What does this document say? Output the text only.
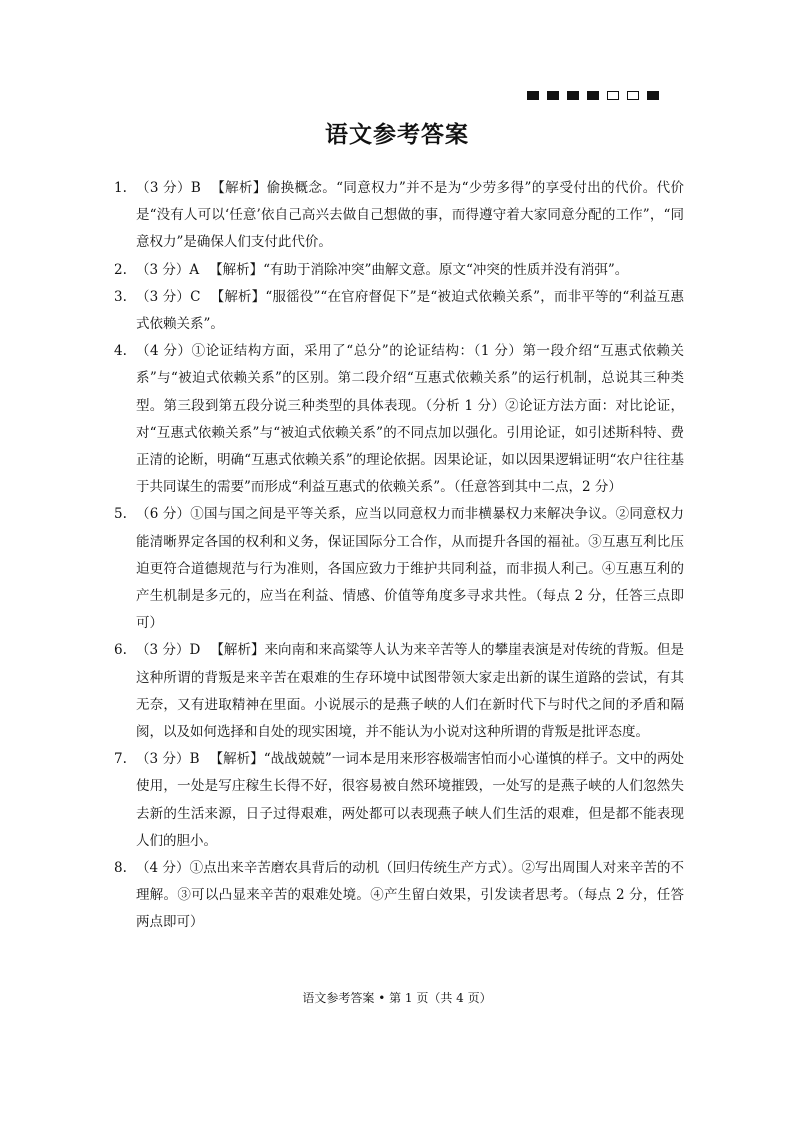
语文参考答案
1. （3 分）B 【解析】偷换概念。“同意权力”并不是为“少劳多得”的享受付出的代价。代价是“没有人可以‘任意’依自己高兴去做自己想做的事，而得遵守着大家同意分配的工作”，“同意权力”是确保人们支付此代价。
2. （3 分）A 【解析】“有助于消除冲突”曲解文意。原文“冲突的性质并没有消弭”。
3. （3 分）C 【解析】“服徭役”“在官府督促下”是“被迫式依赖关系”，而非平等的“利益互惠式依赖关系”。
4. （4 分）①论证结构方面，采用了“总分”的论证结构：（1 分）第一段介绍“互惠式依赖关系”与“被迫式依赖关系”的区别。第二段介绍“互惠式依赖关系”的运行机制，总说其三种类型。第三段到第五段分说三种类型的具体表现。（分析 1 分）②论证方法方面：对比论证，对“互惠式依赖关系”与“被迫式依赖关系”的不同点加以强化。引用论证，如引述斯科特、费正清的论断，明确“互惠式依赖关系”的理论依据。因果论证，如以因果逻辑证明“农户往往基于共同谋生的需要”而形成“利益互惠式的依赖关系”。（任意答到其中二点，2 分）
5. （6 分）①国与国之间是平等关系，应当以同意权力而非横暴权力来解决争议。②同意权力能清晰界定各国的权利和义务，保证国际分工合作，从而提升各国的福祉。③互惠互利比压迫更符合道德规范与行为准则，各国应致力于维护共同利益，而非损人利己。④互惠互利的产生机制是多元的，应当在利益、情感、价值等角度多寻求共性。（每点 2 分，任答三点即可）
6. （3 分）D 【解析】来向南和来高粱等人认为来辛苦等人的攀崖表演是对传统的背叛。但是这种所谓的背叛是来辛苦在艰难的生存环境中试图带领大家走出新的谋生道路的尝试，有其无奈，又有进取精神在里面。小说展示的是燕子峡的人们在新时代下与时代之间的矛盾和隔阂，以及如何选择和自处的现实困境，并不能认为小说对这种所谓的背叛是批评态度。
7. （3 分）B 【解析】“战战兢兢”一词本是用来形容极端害怕而小心谨慎的样子。文中的两处使用，一处是写庄稼生长得不好，很容易被自然环境摧毁，一处写的是燕子峡的人们忽然失去新的生活来源，日子过得艰难，两处都可以表现燕子峡人们生活的艰难，但是都不能表现人们的胆小。
8. （4 分）①点出来辛苦磨农具背后的动机（回归传统生产方式）。②写出周围人对来辛苦的不理解。③可以凸显来辛苦的艰难处境。④产生留白效果，引发读者思考。（每点 2 分，任答两点即可）

语文参考答案 • 第 1 页（共 4 页）
